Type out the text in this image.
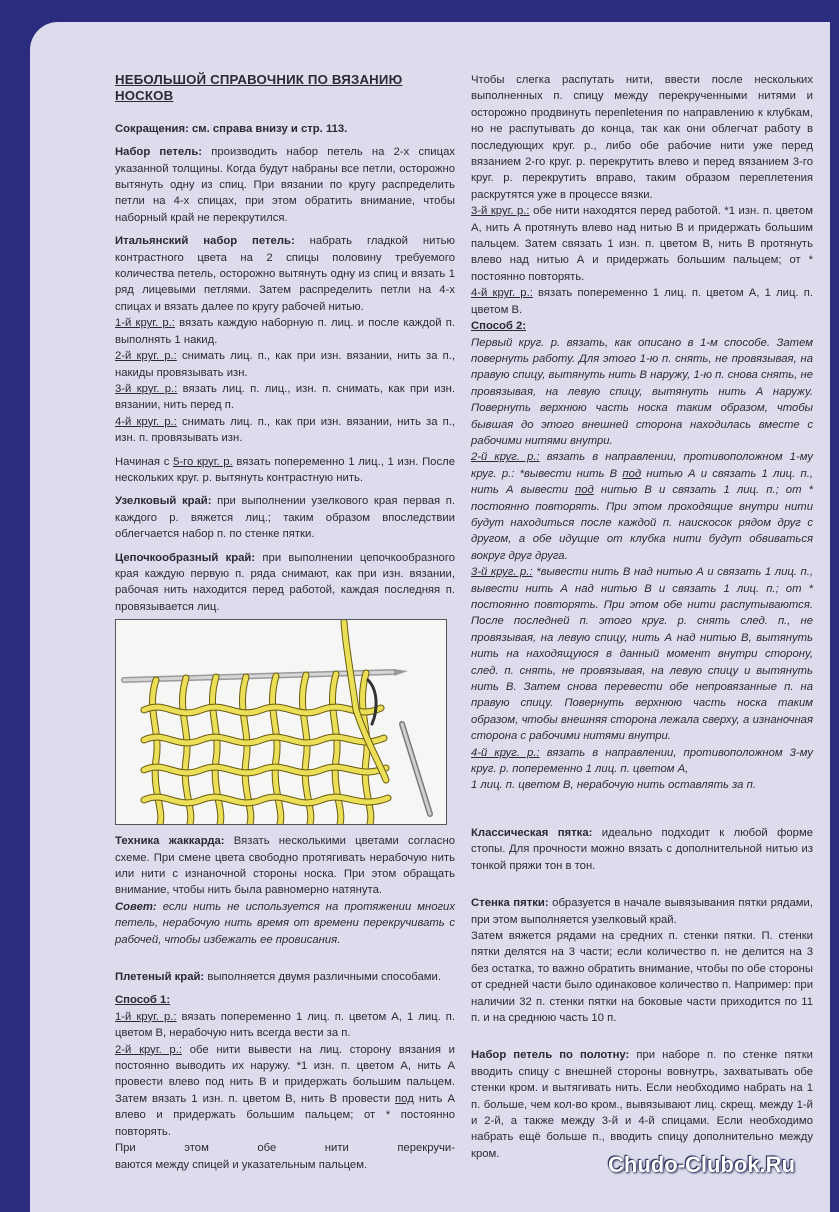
НЕБОЛЬШОЙ СПРАВОЧНИК ПО ВЯЗАНИЮ НОСКОВ

Сокращения: см. справа внизу и стр. 113.

Набор петель: производить набор петель на 2-х спицах указанной толщины. Когда будут набраны все петли, осторожно вытянуть одну из спиц. При вязании по кругу распределить петли на 4-х спицах, при этом обратить внимание, чтобы наборный край не перекрутился.

Итальянский набор петель: набрать гладкой нитью контрастного цвета на 2 спицы половину требуемого количества петель, осторожно вытянуть одну из спиц и вязать 1 ряд лицевыми петлями. Затем распределить петли на 4-х спицах и вязать далее по кругу рабочей нитью.

1-й круг. р.: вязать каждую наборную п. лиц. и после каждой п. выполнять 1 накид.

2-й круг. р.: снимать лиц. п., как при изн. вязании, нить за п., накиды провязывать изн.

3-й круг. р.: вязать лиц. п. лиц., изн. п. снимать, как при изн. вязании, нить перед п.

4-й круг. р.: снимать лиц. п., как при изн. вязании, нить за п., изн. п. провязывать изн.

Начиная с 5-го круг. р. вязать попеременно 1 лиц., 1 изн. После нескольких круг. р. вытянуть контрастную нить.

Узелковый край: при выполнении узелкового края первая п. каждого р. вяжется лиц.; таким образом впоследствии облегчается набор п. по стенке пятки.

Цепочкообразный край: при выполнении цепочкообразного края каждую первую п. ряда снимают, как при изн. вязании, рабочая нить находится перед работой, каждая последняя п. провязывается лиц.

Техника жаккарда: Вязать несколькими цветами согласно схеме. При смене цвета свободно протягивать нерабочую нить или нити с изнаночной стороны носка. При этом обращать внимание, чтобы нить была равномерно натянута.

Совет: если нить не используется на протяжении многих петель, нерабочую нить время от времени перекручивать с рабочей, чтобы избежать ее провисания.

Плетеный край: выполняется двумя различными способами.

Способ 1:

1-й круг. р.: вязать попеременно 1 лиц. п. цветом А, 1 лиц. п. цветом В, нерабочую нить всегда вести за п.

2-й круг. р.: обе нити вывести на лиц. сторону вязания и постоянно выводить их наружу. *1 изн. п. цветом А, нить А провести влево под нить В и придержать большим пальцем. Затем вязать 1 изн. п. цветом В, нить В провести под нить А влево и придержать большим пальцем; от * постоянно повторять.

При	этом	обе	нити	перекручи-

ваются между спицей и указательным пальцем.

Чтобы слегка распутать нити, ввести после нескольких выполненных п. спицу между перекрученными нитями и осторожно продвинуть перепletения по направлению к клубкам, но не распутывать до конца, так как они облегчат работу в последующих круг. р., либо обе рабочие нити уже перед вязанием 2-го круг. р. перекрутить влево и перед вязанием 3-го круг. р. перекрутить вправо, таким образом переплетения раскрутятся уже в процессе вязки.

3-й круг. р.: обе нити находятся перед работой. *1 изн. п. цветом А, нить А протянуть влево над нитью В и придержать большим пальцем. Затем связать 1 изн. п. цветом В, нить В протянуть влево над нитью А и придержать большим пальцем; от * постоянно повторять.

4-й круг. р.: вязать попеременно 1 лиц. п. цветом А, 1 лиц. п. цветом В.

Способ 2:

Первый круг. р. вязать, как описано в 1-м способе. Затем повернуть работу. Для этого 1-ю п. снять, не провязывая, на правую спицу, вытянуть нить В наружу, 1-ю п. снова снять, не провязывая, на левую спицу, вытянуть нить А наружу. Повернуть верхнюю часть носка таким образом, чтобы бывшая до этого внешней сторона находилась вместе с рабочими нитями внутри.

2-й круг. р.: вязать в направлении, противоположном 1-му круг. р.: *вывести нить В под нитью А и связать 1 лиц. п., нить А вывести под нитью В и связать 1 лиц. п.; от * постоянно повторять. При этом проходящие внутри нити будут находиться после каждой п. наискосок рядом друг с другом, а обе идущие от клубка нити будут обвиваться вокруг друг друга.

3-й круг. р.: *вывести нить В над нитью А и связать 1 лиц. п., вывести нить А над нитью В и связать 1 лиц. п.; от * постоянно повторять. При этом обе нити распутываются. После последней п. этого круг. р. снять след. п., не провязывая, на левую спицу, нить А над нитью В, вытянуть нить на находящуюся в данный момент внутри сторону, след. п. снять, не провязывая, на левую спицу и вытянуть нить В. Затем снова перевести обе непровязанные п. на правую спицу. Повернуть верхнюю часть носка таким образом, чтобы внешняя сторона лежала сверху, а изнаночная сторона с рабочими нитями внутри.

4-й круг. р.: вязать в направлении, противоположном 3-му круг. р. попеременно 1 лиц. п. цветом А,

1 лиц. п. цветом В, нерабочую нить оставлять за п.

Классическая пятка: идеально подходит к любой форме стопы. Для прочности можно вязать с дополнительной нитью из тонкой пряжи тон в тон.

Стенка пятки: образуется в начале вывязывания пятки рядами, при этом выполняется узелковый край.

Затем вяжется рядами на средних п. стенки пятки. П. стенки пятки делятся на 3 части; если количество п. не делится на 3 без остатка, то важно обратить внимание, чтобы по обе стороны от средней части было одинаковое количество п. Например: при наличии 32 п. стенки пятки на боковые части приходится по 11 п. и на среднюю часть 10 п.

Набор петель по полотну: при наборе п. по стенке пятки вводить спицу с внешней стороны вовнутрь, захватывать обе стенки кром. и вытягивать нить. Если необходимо набрать на 1 п. больше, чем кол-во кром., вывязывают лиц. скрещ. между 1-й и 2-й, а также между 3-й и 4-й спицами. Если необходимо набрать ещё больше п., вводить спицу дополнительно между кром.

124 VERENA ВЯЗАНИЕ · НОСКИ: КРУГОСВЕТНОЕ ПУТЕШЕСТВИЕ
Chudo-Clubok.Ru
